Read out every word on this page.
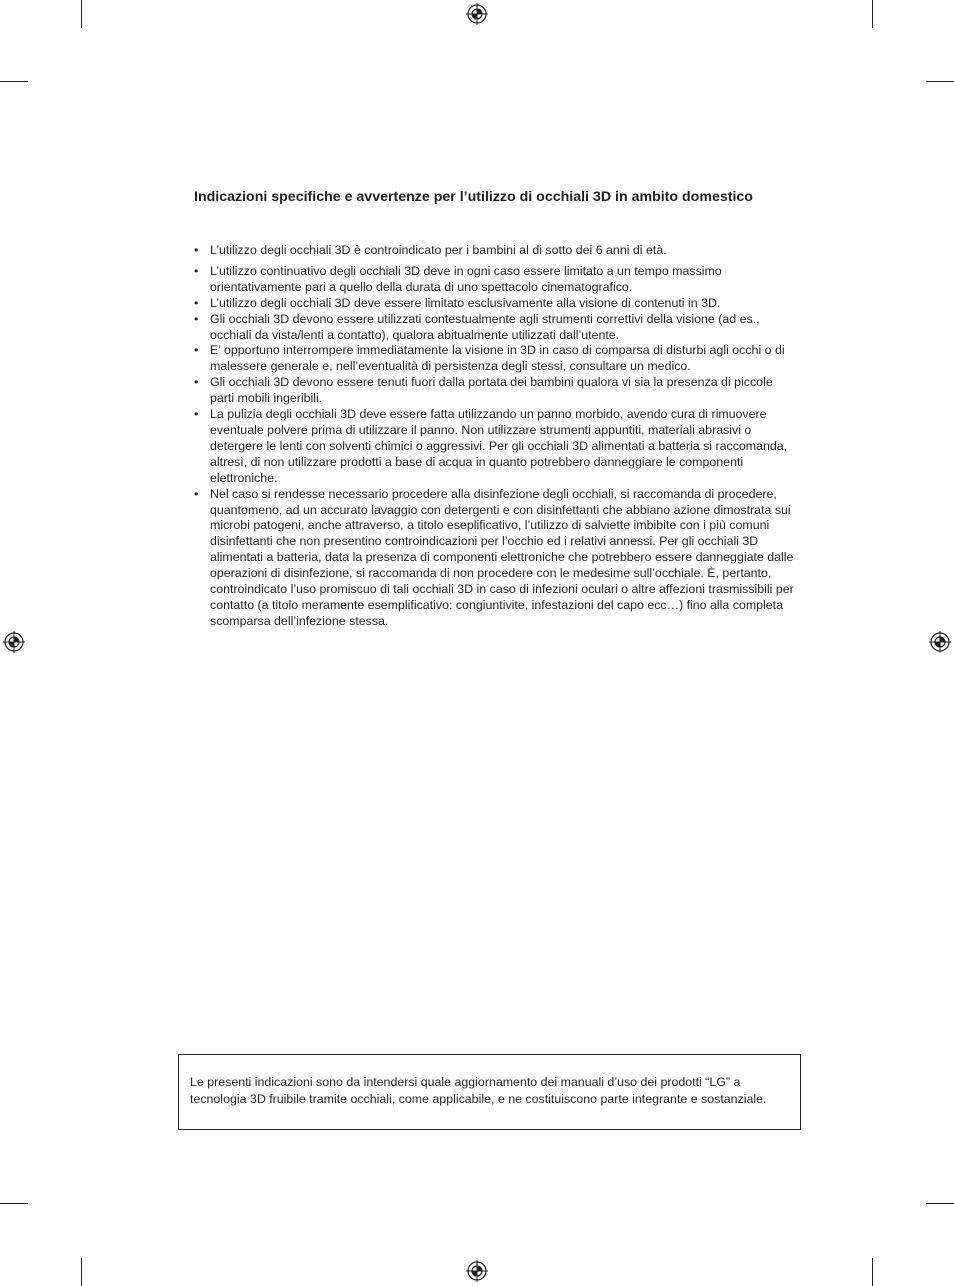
Indicazioni specifiche e avvertenze per l’utilizzo di occhiali 3D in ambito domestico
• L’utilizzo degli occhiali 3D è controindicato per i bambini al di sotto dei 6 anni di età.
• L’utilizzo continuativo degli occhiali 3D deve in ogni caso essere limitato a un tempo massimo orientativamente pari a quello della durata di uno spettacolo cinematografico.
• L’utilizzo degli occhiali 3D deve essere limitato esclusivamente alla visione di contenuti in 3D.
• Gli occhiali 3D devono essere utilizzati contestualmente agli strumenti correttivi della visione (ad es., occhiali da vista/lenti a contatto), qualora abitualmente utilizzati dall’utente.
• E’ opportuno interrompere immediatamente la visione in 3D in caso di comparsa di disturbi agli occhi o di malessere generale e, nell’eventualità di persistenza degli stessi, consultare un medico.
• Gli occhiali 3D devono essere tenuti fuori dalla portata dei bambini qualora vi sia la presenza di piccole parti mobili ingeribili.
• La pulizia degli occhiali 3D deve essere fatta utilizzando un panno morbido, avendo cura di rimuovere eventuale polvere prima di utilizzare il panno. Non utilizzare strumenti appuntiti, materiali abrasivi o detergere le lenti con solventi chimici o aggressivi. Per gli occhiali 3D alimentati a batteria si raccomanda, altresì, di non utilizzare prodotti a base di acqua in quanto potrebbero danneggiare le componenti elettroniche.
• Nel caso si rendesse necessario procedere alla disinfezione degli occhiali, si raccomanda di procedere, quantomeno, ad un accurato lavaggio con detergenti e con disinfettanti che abbiano azione dimostrata sui microbi patogeni, anche attraverso, a titolo eseplificativo, l’utilizzo di salviette imbibite con i più comuni disinfettanti che non presentino controindicazioni per l’occhio ed i relativi annessi. Per gli occhiali 3D alimentati a batteria, data la presenza di componenti elettroniche che potrebbero essere danneggiate dalle operazioni di disinfezione, si raccomanda di non procedere con le medesime sull’occhiale. È, pertanto, controindicato l’uso promiscuo di tali occhiali 3D in caso di infezioni oculari o altre affezioni trasmissibili per contatto (a titolo meramente esemplificativo: congiuntivite, infestazioni del capo ecc…) fino alla completa scomparsa dell’infezione stessa.

Le presenti indicazioni sono da intendersi quale aggiornamento dei manuali d’uso dei prodotti “LG” a tecnologia 3D fruibile tramite occhiali, come applicabile, e ne costituiscono parte integrante e sostanziale.
